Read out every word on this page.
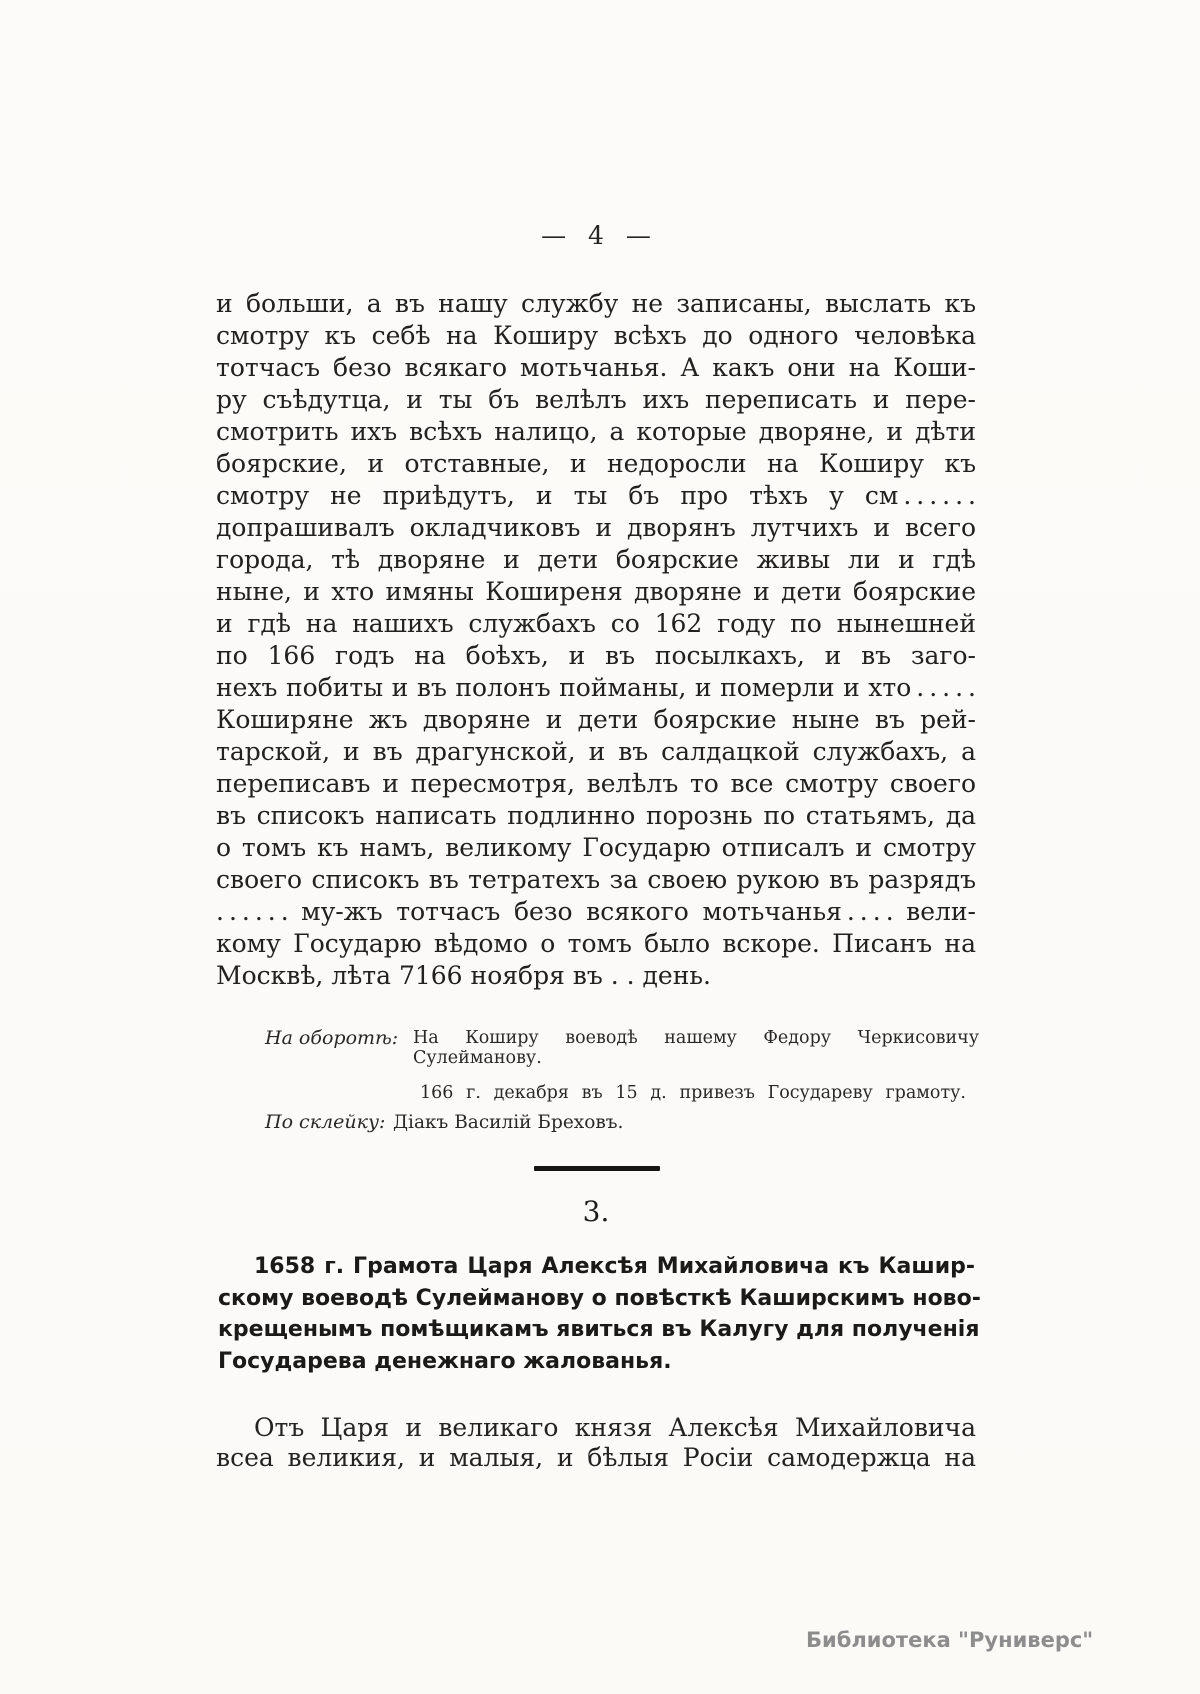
— 4 —
и больши, а въ нашу службу не записаны, выслать къ
смотру къ себѣ на Коширу всѣхъ до одного человѣка
тотчасъ безо всякаго мотьчанья. А какъ они на Коши-
ру съѣдутца, и ты бъ велѣлъ ихъ переписать и пере-
смотрить ихъ всѣхъ налицо, а которые дворяне, и дѣти
боярские, и отставные, и недоросли на Коширу къ
смотру не приѣдутъ, и ты бъ про тѣхъ у см . . . . . .
допрашивалъ окладчиковъ и дворянъ лутчихъ и всего
города, тѣ дворяне и дети боярские живы ли и гдѣ
ныне, и хто имяны Коширеня дворяне и дети боярские
и гдѣ на нашихъ службахъ со 162 году по нынешней
по 166 годъ на боѣхъ, и въ посылкахъ, и въ заго-
нехъ побиты и въ полонъ пойманы, и померли и хто . . . . .
Коширяне жъ дворяне и дети боярские ныне въ рей-
тарской, и въ драгунской, и въ салдацкой службахъ, а
переписавъ и пересмотря, велѣлъ то все смотру своего
въ списокъ написать подлинно порознь по статьямъ, да
о томъ къ намъ, великому Государю отписалъ и смотру
своего списокъ въ тетратехъ за своею рукою въ разрядъ
. . . . . . му-жъ тотчасъ безо всякого мотьчанья . . . . вели-
кому Государю вѣдомо о томъ было вскоре. Писанъ на
Москвѣ, лѣта 7166 ноября въ . . день.
На оборотѣ: На Коширу воеводѣ нашему Федору Черкисовичу
Сулейманову.
166 г. декабря въ 15 д. привезъ Государеву грамоту.
По склейку: Діакъ Василій Бреховъ.
3.
1658 г. Грамота Царя Алексѣя Михайловича къ Кашир-
скому воеводѣ Сулейманову о повѣсткѣ Каширскимъ ново-
крещенымъ помѣщикамъ явиться въ Калугу для полученія
Государева денежнаго жалованья.
Отъ Царя и великаго князя Алексѣя Михайловича
всеа великия, и малыя, и бѣлыя Росіи самодержца на
Библиотека "Руниверс"
